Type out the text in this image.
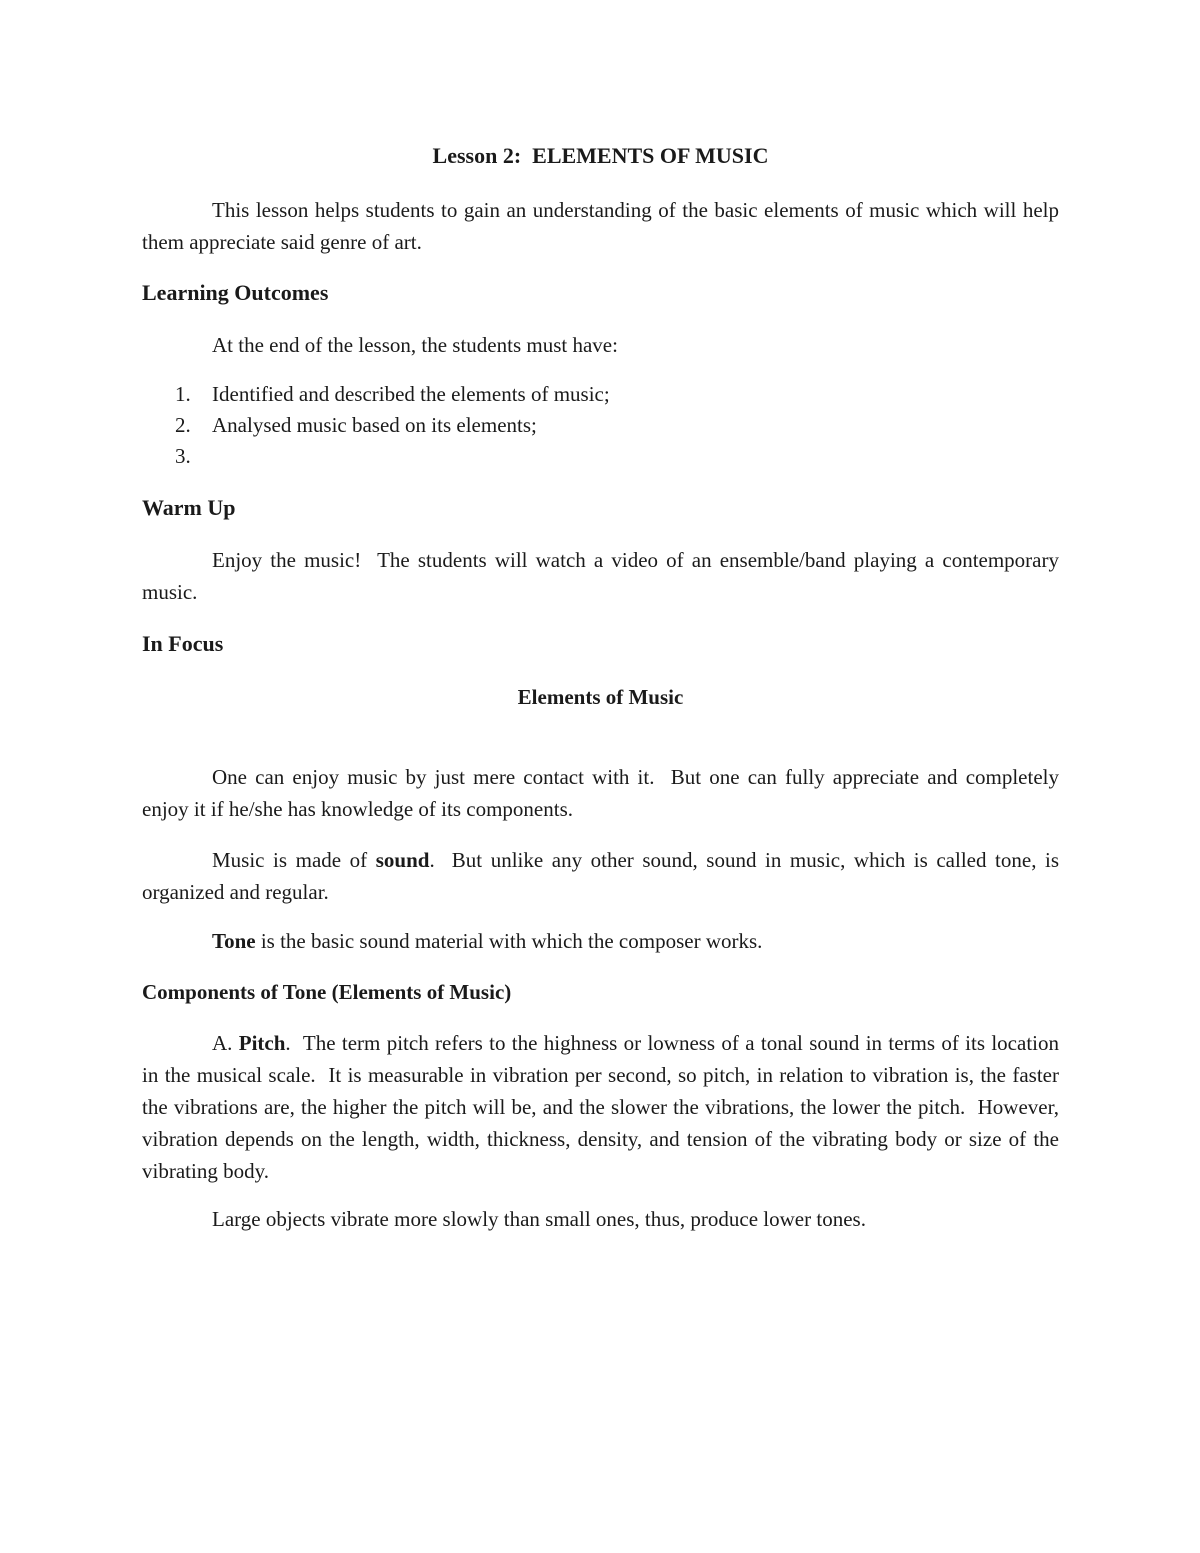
Lesson 2:  ELEMENTS OF MUSIC

This lesson helps students to gain an understanding of the basic elements of music which will help them appreciate said genre of art.

Learning Outcomes

At the end of the lesson, the students must have:

1. Identified and described the elements of music;
2. Analysed music based on its elements;
3.

Warm Up

Enjoy the music!  The students will watch a video of an ensemble/band playing a contemporary music.

In Focus

Elements of Music

One can enjoy music by just mere contact with it.  But one can fully appreciate and completely enjoy it if he/she has knowledge of its components.

Music is made of sound.  But unlike any other sound, sound in music, which is called tone, is organized and regular.

Tone is the basic sound material with which the composer works.

Components of Tone (Elements of Music)

A. Pitch.  The term pitch refers to the highness or lowness of a tonal sound in terms of its location in the musical scale.  It is measurable in vibration per second, so pitch, in relation to vibration is, the faster the vibrations are, the higher the pitch will be, and the slower the vibrations, the lower the pitch.  However, vibration depends on the length, width, thickness, density, and tension of the vibrating body or size of the vibrating body.

Large objects vibrate more slowly than small ones, thus, produce lower tones.
